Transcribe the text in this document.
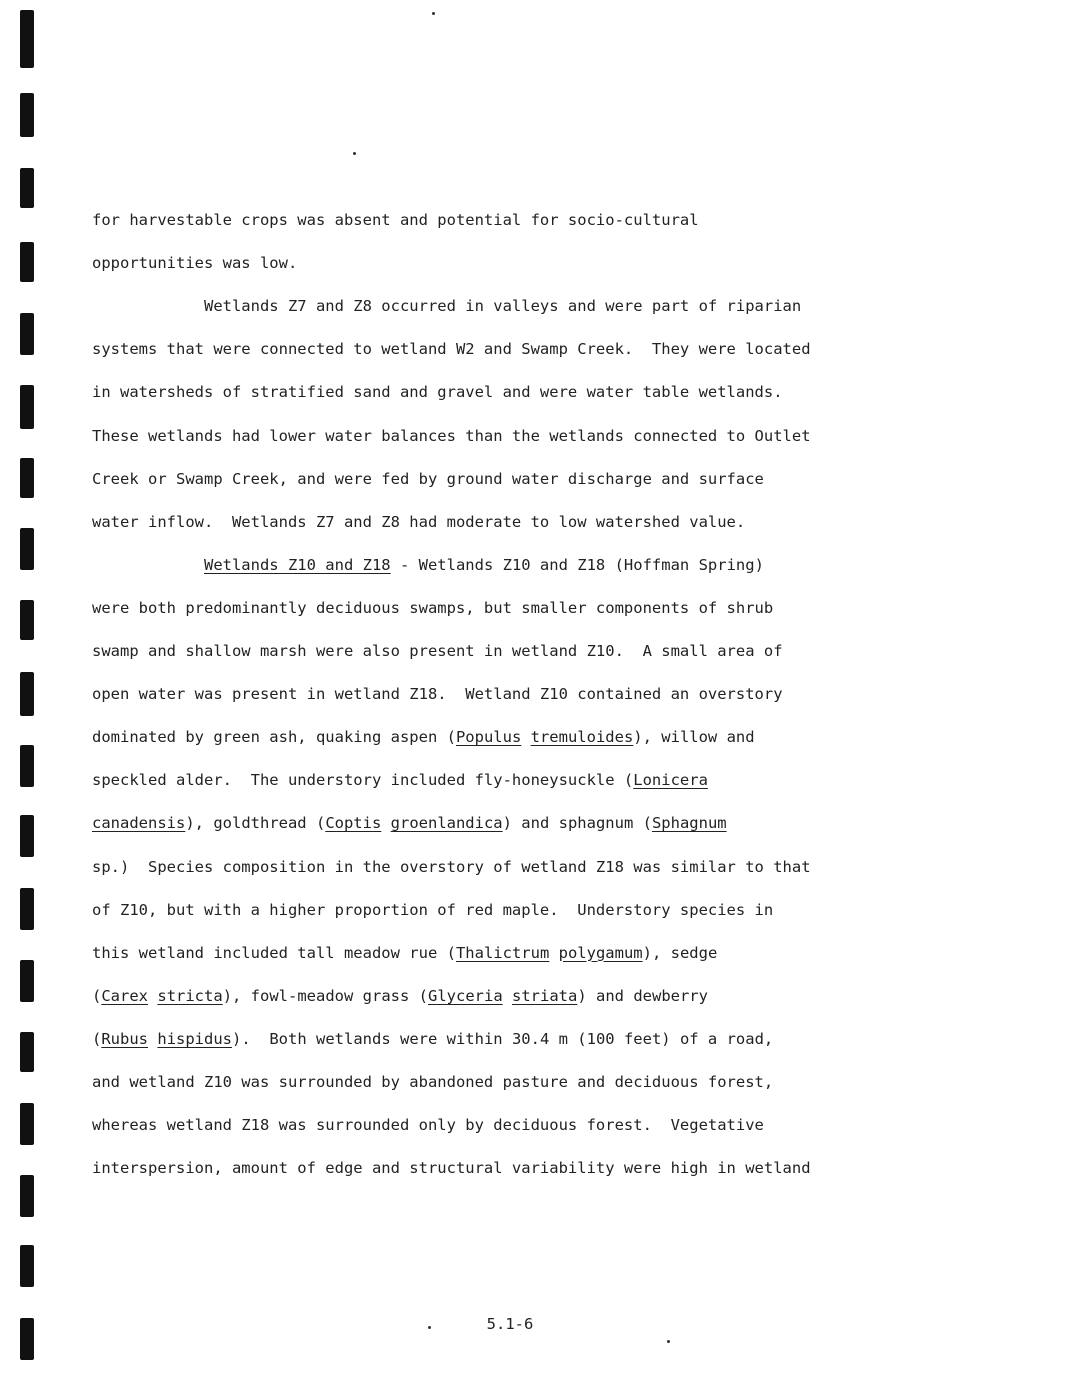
for harvestable crops was absent and potential for socio-cultural
opportunities was low.
Wetlands Z7 and Z8 occurred in valleys and were part of riparian
systems that were connected to wetland W2 and Swamp Creek.  They were located
in watersheds of stratified sand and gravel and were water table wetlands.
These wetlands had lower water balances than the wetlands connected to Outlet
Creek or Swamp Creek, and were fed by ground water discharge and surface
water inflow.  Wetlands Z7 and Z8 had moderate to low watershed value.
Wetlands Z10 and Z18 - Wetlands Z10 and Z18 (Hoffman Spring)
were both predominantly deciduous swamps, but smaller components of shrub
swamp and shallow marsh were also present in wetland Z10.  A small area of
open water was present in wetland Z18.  Wetland Z10 contained an overstory
dominated by green ash, quaking aspen (Populus tremuloides), willow and
speckled alder.  The understory included fly-honeysuckle (Lonicera
canadensis), goldthread (Coptis groenlandica) and sphagnum (Sphagnum
sp.)  Species composition in the overstory of wetland Z18 was similar to that
of Z10, but with a higher proportion of red maple.  Understory species in
this wetland included tall meadow rue (Thalictrum polygamum), sedge
(Carex stricta), fowl-meadow grass (Glyceria striata) and dewberry
(Rubus hispidus).  Both wetlands were within 30.4 m (100 feet) of a road,
and wetland Z10 was surrounded by abandoned pasture and deciduous forest,
whereas wetland Z18 was surrounded only by deciduous forest.  Vegetative
interspersion, amount of edge and structural variability were high in wetland
5.1-6
